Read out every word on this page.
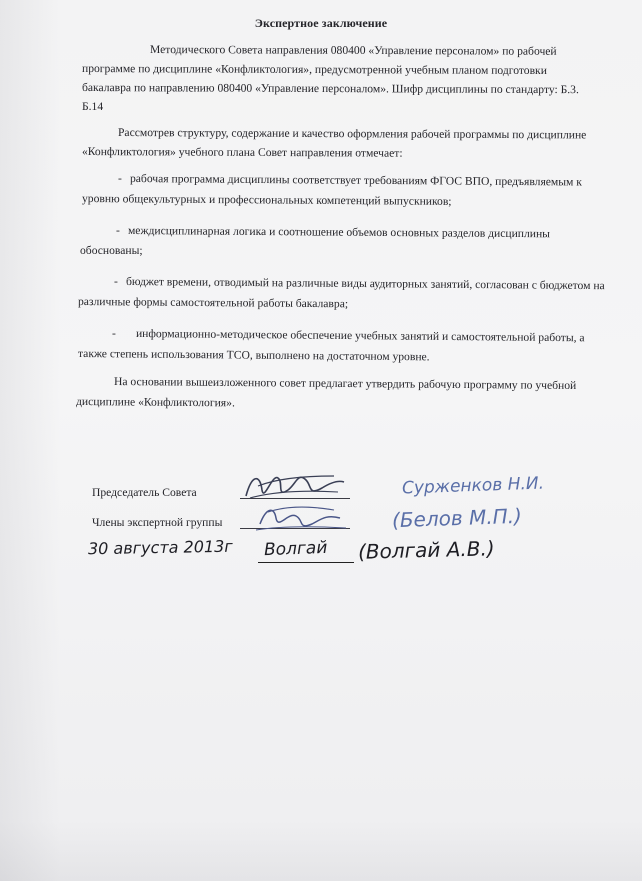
Экспертное заключение
Методического Совета направления 080400 «Управление персоналом» по рабочей
программе по дисциплине «Конфликтология», предусмотренной учебным планом подготовки
бакалавра по направлению 080400 «Управление персоналом». Шифр дисциплины по стандарту: Б.3.
Б.14
Рассмотрев структуру, содержание и качество оформления рабочей программы по дисциплине
«Конфликтология» учебного плана Совет направления отмечает:
- рабочая программа дисциплины соответствует требованиям ФГОС ВПО, предъявляемым к
уровню общекультурных и профессиональных компетенций выпускников;
- междисциплинарная логика и соотношение объемов основных разделов дисциплины
обоснованы;
- бюджет времени, отводимый на различные виды аудиторных занятий, согласован с бюджетом на
различные формы самостоятельной работы бакалавра;
- информационно-методическое обеспечение учебных занятий и самостоятельной работы, а
также степень использования ТСО, выполнено на достаточном уровне.
На основании вышеизложенного совет предлагает утвердить рабочую программу по учебной
дисциплине «Конфликтология».
Председатель Совета	Сурженков Н.И.
Члены экспертной группы	(Белов М.П.)
30 августа 2013г Волгай (Волгай А.В.)
